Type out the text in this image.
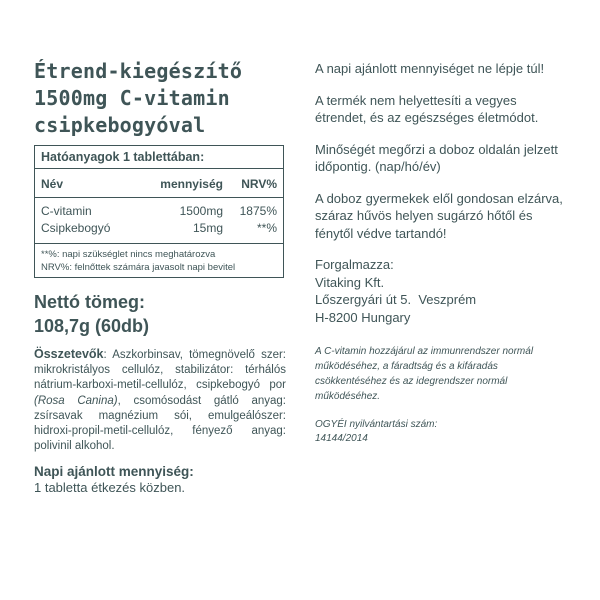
Étrend-kiegészítő
1500mg C-vitamin
csipkebogyóval
Hatóanyagok 1 tablettában:
Név	mennyiség	NRV%
C-vitamin	1500mg	1875%
Csipkebogyó	15mg	**%
**%: napi szükséglet nincs meghatározva
NRV%: felnőttek számára javasolt napi bevitel
Nettó tömeg:
108,7g (60db)
Összetevők: Aszkorbinsav, tömegnövelő szer: mikrokristályos cellulóz, stabilizátor: térhálós nátrium-karboxi-metil-cellulóz, csipkebogyó por (Rosa Canina), csomósodást gátló anyag: zsírsavak magnézium sói, emulgeálószer: hidroxi-propil-metil-cellulóz, fényező anyag: polivinil alkohol.
Napi ajánlott mennyiség:
1 tabletta étkezés közben.

A napi ajánlott mennyiséget ne lépje túl!

A termék nem helyettesíti a vegyes étrendet, és az egészséges életmódot.

Minőségét megőrzi a doboz oldalán jelzett időpontig. (nap/hó/év)

A doboz gyermekek elől gondosan elzárva, száraz hűvös helyen sugárzó hőtől és fénytől védve tartandó!

Forgalmazza:
Vitaking Kft.
Lőszergyári út 5.  Veszprém
H-8200 Hungary
A C-vitamin hozzájárul az immunrendszer normál működéséhez, a fáradtság és a kifáradás csökkentéséhez és az idegrendszer normál működéséhez.
OGYÉI nyilvántartási szám:
14144/2014
